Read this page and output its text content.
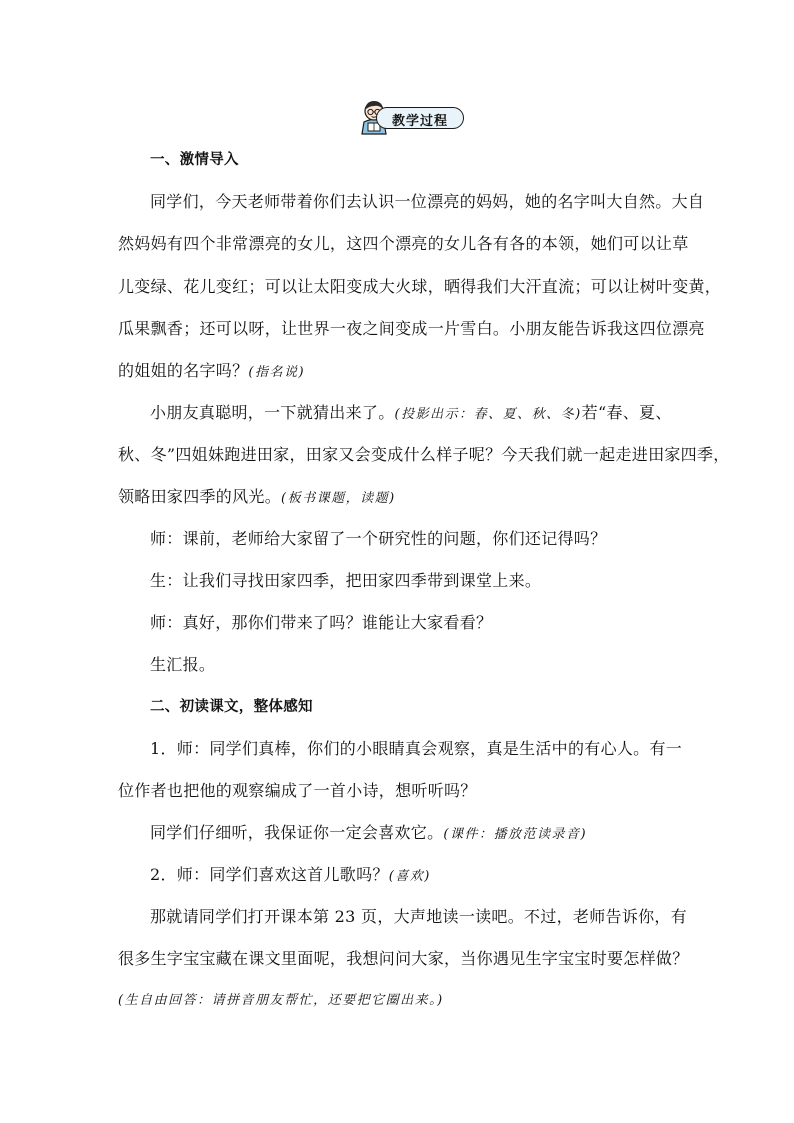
教学过程
一、激情导入
同学们，今天老师带着你们去认识一位漂亮的妈妈，她的名字叫大自然。大自
然妈妈有四个非常漂亮的女儿，这四个漂亮的女儿各有各的本领，她们可以让草
儿变绿、花儿变红；可以让太阳变成大火球，晒得我们大汗直流；可以让树叶变黄，
瓜果飘香；还可以呀，让世界一夜之间变成一片雪白。小朋友能告诉我这四位漂亮
的姐姐的名字吗？(指名说)
小朋友真聪明，一下就猜出来了。(投影出示：春、夏、秋、冬)若“春、夏、
秋、冬”四姐妹跑进田家，田家又会变成什么样子呢？今天我们就一起走进田家四季，
领略田家四季的风光。(板书课题，读题)
师：课前，老师给大家留了一个研究性的问题，你们还记得吗？
生：让我们寻找田家四季，把田家四季带到课堂上来。
师：真好，那你们带来了吗？谁能让大家看看？
生汇报。
二、初读课文，整体感知
1．师：同学们真棒，你们的小眼睛真会观察，真是生活中的有心人。有一
位作者也把他的观察编成了一首小诗，想听听吗？
同学们仔细听，我保证你一定会喜欢它。(课件：播放范读录音)
2．师：同学们喜欢这首儿歌吗？(喜欢)
那就请同学们打开课本第 23 页，大声地读一读吧。不过，老师告诉你，有
很多生字宝宝藏在课文里面呢，我想问问大家，当你遇见生字宝宝时要怎样做？
(生自由回答：请拼音朋友帮忙，还要把它圈出来。)
